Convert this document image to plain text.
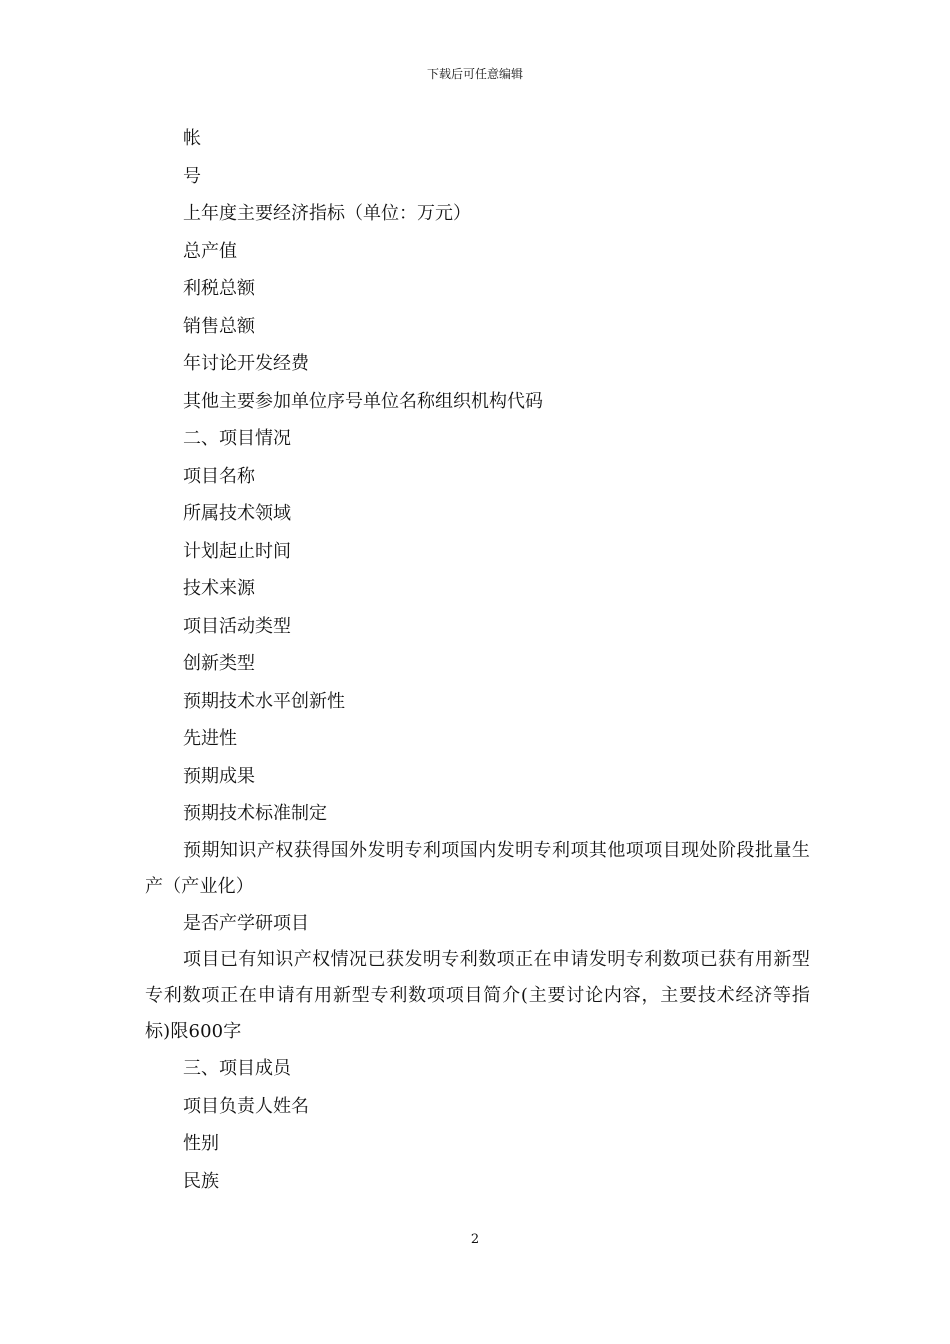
下载后可任意编辑

帐

号

上年度主要经济指标（单位：万元）

总产值

利税总额

销售总额

年讨论开发经费

其他主要参加单位序号单位名称组织机构代码

二、项目情况

项目名称

所属技术领域

计划起止时间

技术来源

项目活动类型

创新类型

预期技术水平创新性

先进性

预期成果

预期技术标准制定

预期知识产权获得国外发明专利项国内发明专利项其他项项目现处阶段批量生产（产业化）

是否产学研项目

项目已有知识产权情况已获发明专利数项正在申请发明专利数项已获有用新型专利数项正在申请有用新型专利数项项目简介(主要讨论内容，主要技术经济等指标)限600字

三、项目成员

项目负责人姓名

性别

民族

2
